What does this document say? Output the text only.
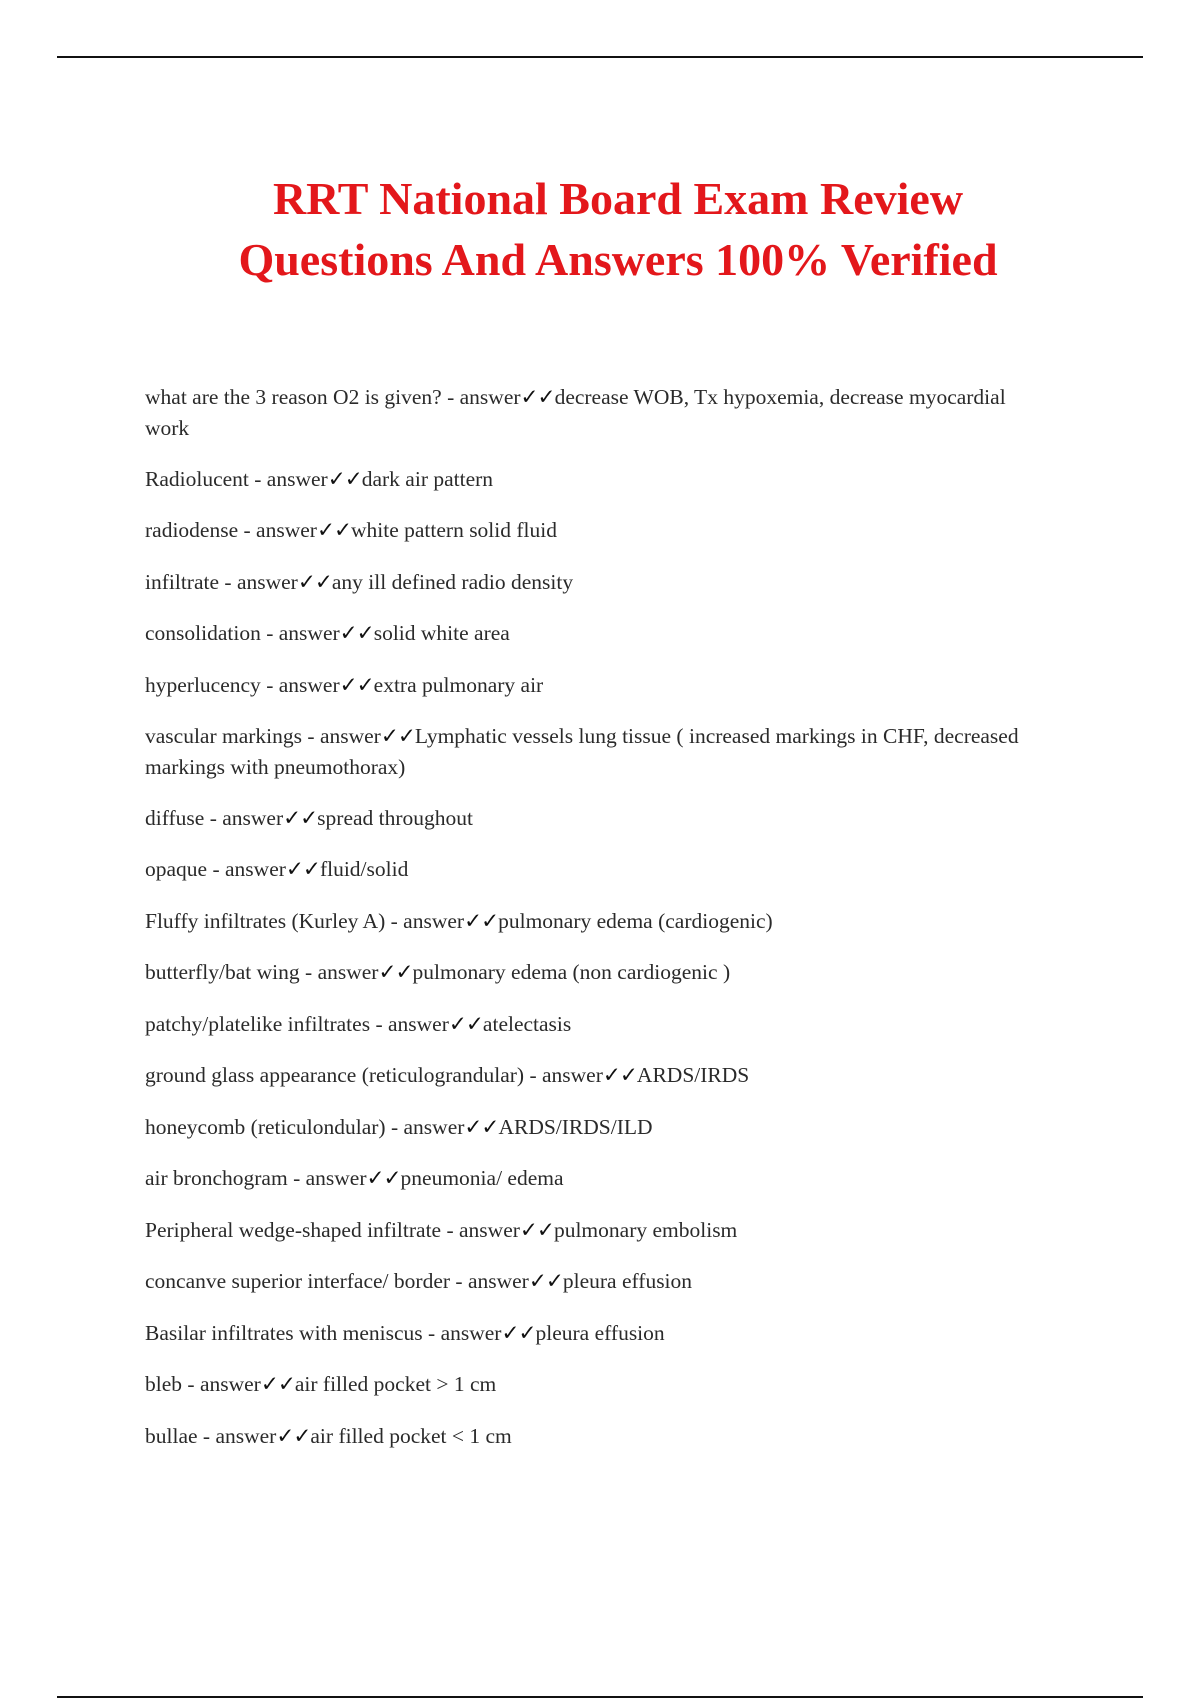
RRT National Board Exam Review
Questions And Answers 100% Verified
what are the 3 reason O2 is given? - answer✓✓decrease WOB, Tx hypoxemia, decrease myocardial work
Radiolucent - answer✓✓dark air pattern
radiodense - answer✓✓white pattern solid fluid
infiltrate - answer✓✓any ill defined radio density
consolidation - answer✓✓solid white area
hyperlucency - answer✓✓extra pulmonary air
vascular markings - answer✓✓Lymphatic vessels lung tissue ( increased markings in CHF, decreased markings with pneumothorax)
diffuse - answer✓✓spread throughout
opaque - answer✓✓fluid/solid
Fluffy infiltrates (Kurley A) - answer✓✓pulmonary edema (cardiogenic)
butterfly/bat wing - answer✓✓pulmonary edema (non cardiogenic )
patchy/platelike infiltrates - answer✓✓atelectasis
ground glass appearance (reticulograndular) - answer✓✓ARDS/IRDS
honeycomb (reticulondular) - answer✓✓ARDS/IRDS/ILD
air bronchogram - answer✓✓pneumonia/ edema
Peripheral wedge-shaped infiltrate - answer✓✓pulmonary embolism
concanve superior interface/ border - answer✓✓pleura effusion
Basilar infiltrates with meniscus - answer✓✓pleura effusion
bleb - answer✓✓air filled pocket > 1 cm
bullae - answer✓✓air filled pocket < 1 cm
